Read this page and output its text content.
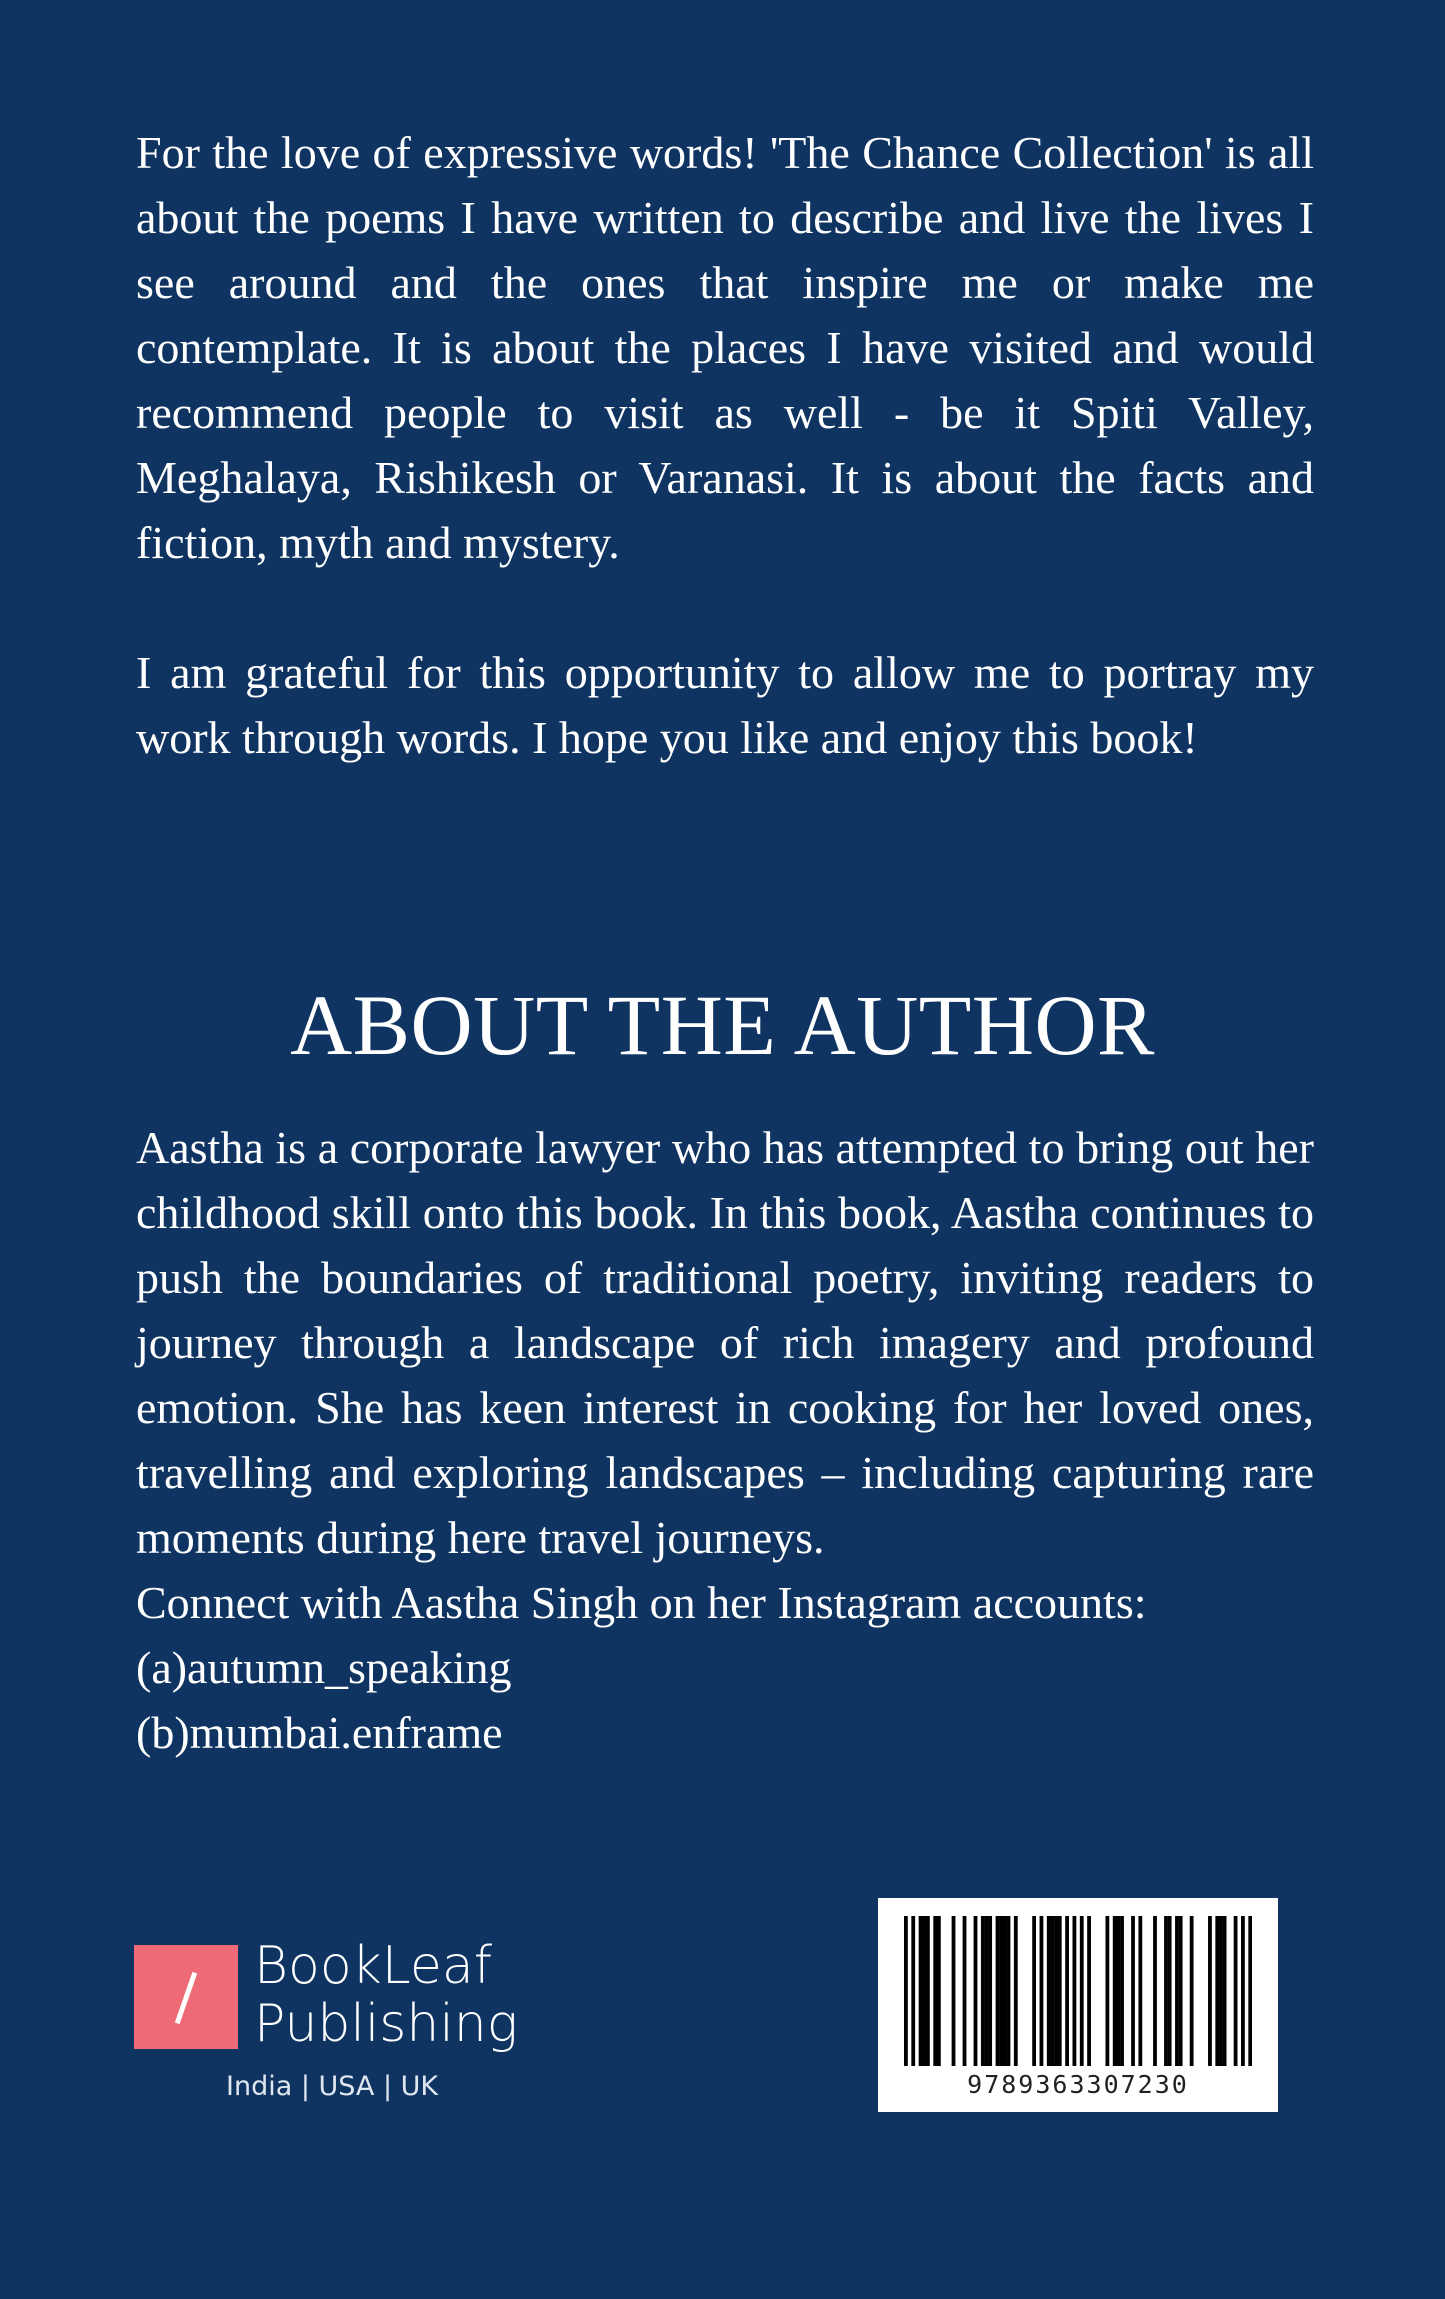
For the love of expressive words! 'The Chance Collection' is all about the poems I have written to describe and live the lives I see around and the ones that inspire me or make me contemplate. It is about the places I have visited and would recommend people to visit as well - be it Spiti Valley, Meghalaya, Rishikesh or Varanasi. It is about the facts and fiction, myth and mystery.

I am grateful for this opportunity to allow me to portray my work through words. I hope you like and enjoy this book!

ABOUT THE AUTHOR

Aastha is a corporate lawyer who has attempted to bring out her childhood skill onto this book. In this book, Aastha continues to push the boundaries of traditional poetry, inviting readers to journey through a landscape of rich imagery and profound emotion. She has keen interest in cooking for her loved ones, travelling and exploring landscapes – including capturing rare moments during here travel journeys.

Connect with Aastha Singh on her Instagram accounts:

(a)autumn_speaking
(b)mumbai.enframe
BookLeaf
Publishing
India | USA | UK	9789363307230
